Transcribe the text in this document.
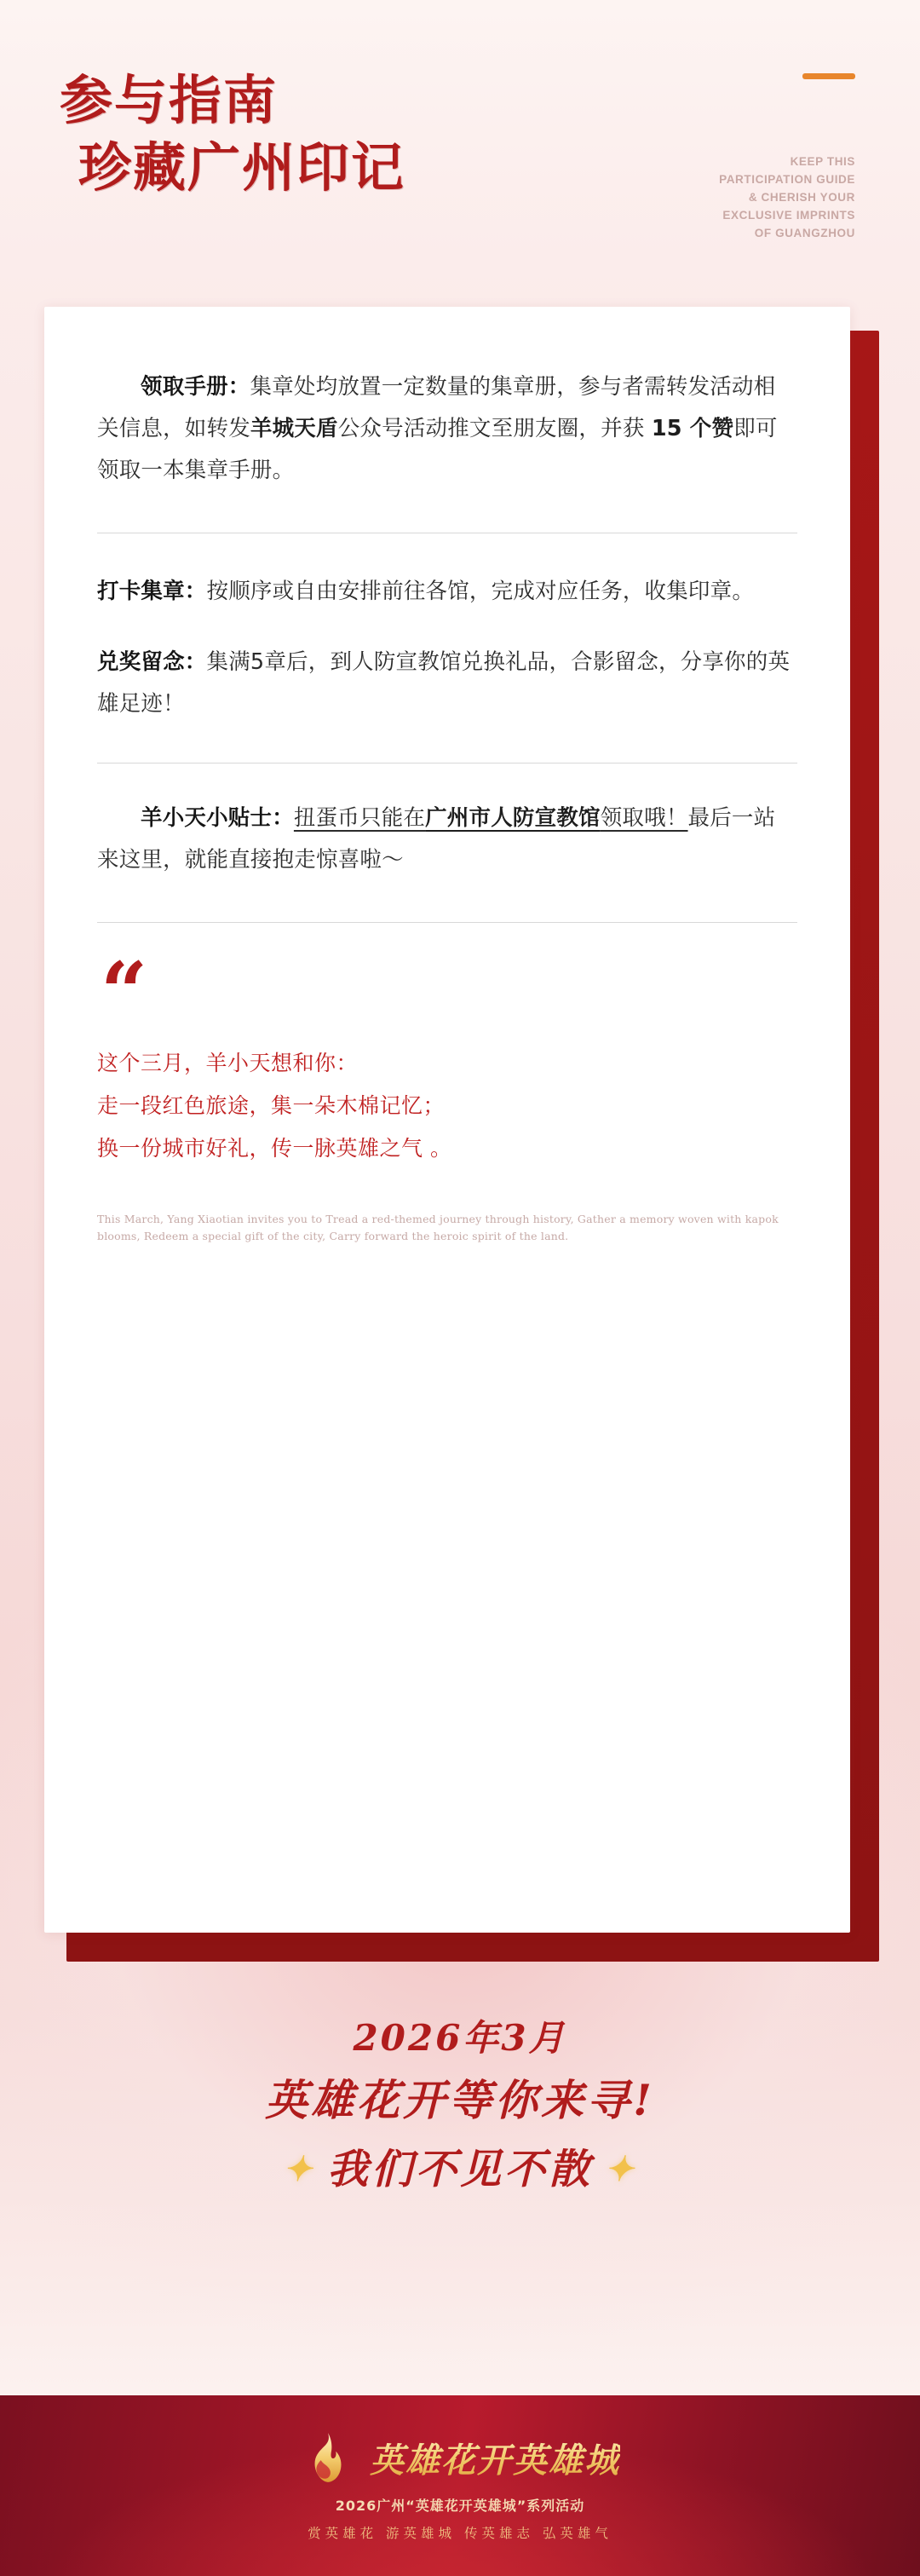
参与指南
珍藏广州印记	KEEP THIS
PARTICIPATION GUIDE
& CHERISH YOUR
EXCLUSIVE IMPRINTS
OF GUANGZHOU

领取手册：集章处均放置一定数量的集章册，参与者需转发活动相关信息，如转发羊城天盾公众号活动推文至朋友圈，并获 15 个赞即可领取一本集章手册。

打卡集章：按顺序或自由安排前往各馆，完成对应任务，收集印章。

兑奖留念：集满5章后，到人防宣教馆兑换礼品，合影留念，分享你的英雄足迹！

羊小天小贴士：扭蛋币只能在广州市人防宣教馆领取哦！最后一站来这里，就能直接抱走惊喜啦～

“
这个三月，羊小天想和你：
走一段红色旅途，集一朵木棉记忆；
换一份城市好礼，传一脉英雄之气 。
This March, Yang Xiaotian invites you to Tread a red-themed journey through history, Gather a memory woven with kapok blooms, Redeem a special gift of the city, Carry forward the heroic spirit of the land.
2026年3月
英雄花开等你来寻!
✦ 我们不见不散 ✦
英雄花开英雄城
2026广州“英雄花开英雄城”系列活动
赏英雄花 游英雄城 传英雄志 弘英雄气
